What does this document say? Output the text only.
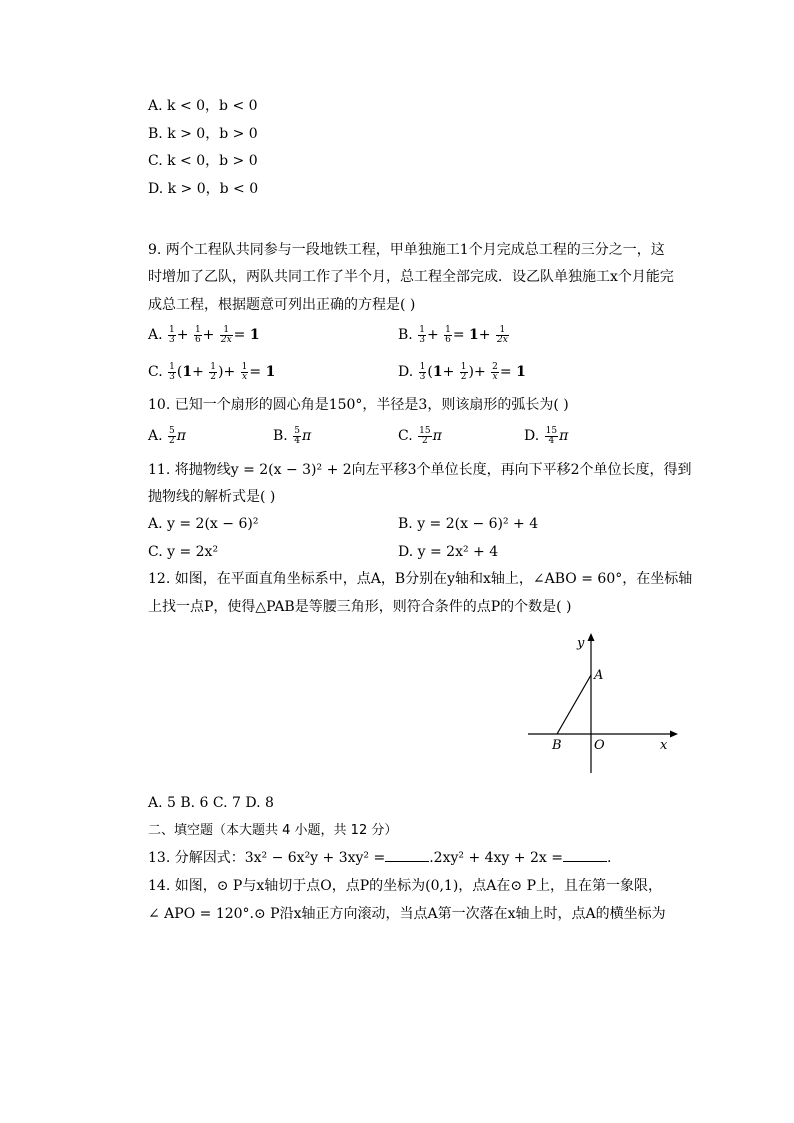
A. k < 0，b < 0
B. k > 0，b > 0
C. k < 0，b > 0
D. k > 0，b < 0
9. 两个工程队共同参与一段地铁工程，甲单独施工1个月完成总工程的三分之一，这
时增加了乙队，两队共同工作了半个月，总工程全部完成．设乙队单独施工x个月能完
成总工程，根据题意可列出正确的方程是( )
A. $\frac{1}{3} + \frac{1}{6} + \frac{1}{2x} = 1$	B. $\frac{1}{3} + \frac{1}{6} = 1+ \frac{1}{2x}$
C. $\frac{1}{3} (1+ \frac{1}{2}$ )+ $\frac{1}{x} = 1$	D. $\frac{1}{3} (1+ \frac{1}{2}$ )+ $\frac{2}{x} = 1$
10. 已知一个扇形的圆心角是150°，半径是3，则该扇形的弧长为( )
A. $\frac{5}{2}$ π	B. $\frac{5}{4}$ π	C. $\frac{15}{2}$ π	D. $\frac{15}{4}$ π
11. 将抛物线y = 2(x − 3)² + 2向左平移3个单位长度，再向下平移2个单位长度，得到
抛物线的解析式是( )
A. y = 2(x − 6)²	B. y = 2(x − 6)² + 4
C. y = 2x²	D. y = 2x² + 4
12. 如图，在平面直角坐标系中，点A，B分别在y轴和x轴上，∠ABO = 60°，在坐标轴
上找一点P，使得△PAB是等腰三角形，则符合条件的点P的个数是( )
y
A
B O	x
A. 5 B. 6 C. 7 D. 8
二、填空题（本大题共 4 小题，共 12 分）
13. 分解因式：3x² − 6x²y + 3xy² =	.2xy² + 4xy + 2x =	.
14. 如图，⊙ P与x轴切于点O，点P的坐标为(0,1)，点A在⊙ P上，且在第一象限，
∠ APO = 120°.⊙ P沿x轴正方向滚动，当点A第一次落在x轴上时，点A的横坐标为
